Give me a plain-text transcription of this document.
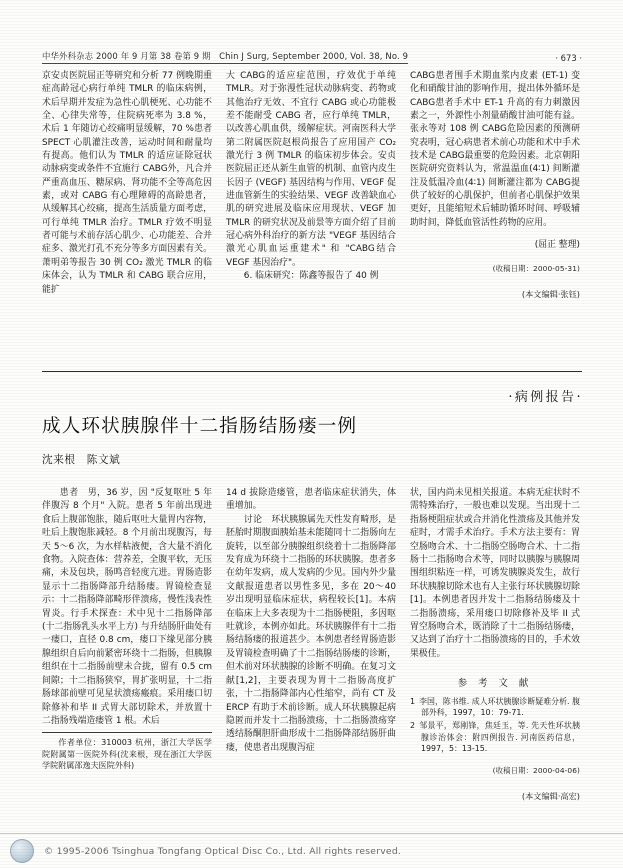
中华外科杂志 2000 年 9 月第 38 卷第 9 期　Chin J Surg, September 2000, Vol. 38, No. 9	· 673 ·

京安贞医院屈正等研究和分析 77 例晚期重症高龄冠心病行单纯 TMLR 的临床病例，术后早期并发症为急性心肌梗死、心功能不全、心律失常等，住院病死率为 3.8 %，术后 1 年随访心绞痛明显缓解，70 %患者 SPECT 心肌灌注改善，运动时间和耐量均有提高。他们认为 TMLR 的适应证除冠状动脉病变或条件不宜施行 CABG外，凡合并严重高血压、糖尿病、肾功能不全等高危因素，或对 CABG 有心理障碍的高龄患者，从缓解其心绞痛，提高生活质量方面考虑，可行单纯 TMLR 治疗。TMLR 疗效不明显者可能与术前存活心肌少、心功能差、合并症多、激光打孔不充分等多方面因素有关。萧明弟等报告 30 例 CO₂ 激光 TMLR 的临床体会，认为 TMLR 和 CABG 联合应用，能扩

大 CABG的适应症范围，疗效优于单纯 TMLR。对于弥漫性冠状动脉病变、药物或其他治疗无效、不宜行 CABG 或心功能极差不能耐受 CABG 者，应行单纯 TMLR，以改善心肌血供，缓解症状。河南医科大学第二附属医院赵根尚报告了应用国产 CO₂ 激光行 3 例 TMLR 的临床初步体会。安贞医院屈正还从新生血管的机制、血管内皮生长因子 (VEGF) 基因结构与作用、VEGF 促进血管新生的实验结果、VEGF 改善缺血心肌的研究进展及临床应用现状、VEGF 加 TMLR 的研究状况及前景等方面介绍了目前冠心病外科治疗的新方法 "VEGF 基因结合激光心肌血运重建术" 和 "CABG结合 VEGF 基因治疗"。

6. 临床研究：陈鑫等报告了 40 例

CABG患者围手术期血浆内皮素 (ET-1) 变化和硝酸甘油的影响作用，提出体外循环是 CABG患者手术中 ET-1 升高的有力刺激因素之一，外源性小剂量硝酸甘油可能有益。张永等对 108 例 CABG危险因素的预测研究表明，冠心病患者术前心功能和术中手术技术是 CABG最重要的危险因素。北京朝阳医院研究资料认为，常温温血(4∶1) 间断灌注及低温冷血(4∶1) 间断灌注都为 CABG提供了较好的心肌保护，但前者心肌保护效果更好，且能缩短术后辅助循环时间、呼吸辅助时间，降低血管活性药物的应用。

(屈正 整理)
(收稿日期：2000-05-31)
(本文编辑·张钰)
·病例报告·
成人环状胰腺伴十二指肠结肠瘘一例
沈来根　陈文斌

患者　 男，36 岁，因 "反复呕吐 5 年伴腹泻 8 个月" 入院。患者 5 年前出现进食后上腹部饱胀，随后呕吐大量胃内容物，吐后上腹饱胀减轻。8 个月前出现腹泻，每天 5～6 次，为水样粘液便，含大量不消化食物。入院查体：营养差，全腹平软，无压痛，未及包块，肠鸣音轻度亢进。胃肠造影显示十二指肠降部升结肠瘘。胃镜检查显示：十二指肠降部畸形伴溃疡，慢性浅表性胃炎。行手术探查：术中见十二指肠降部(十二指肠乳头水平上方) 与升结肠肝曲处有一瘘口，直径 0.8 cm，瘘口下缘见部分胰腺组织自后向前紧密环绕十二指肠，但胰腺组织在十二指肠前壁未合拢，留有 0.5 cm 间隙；十二指肠狭窄，胃扩张明显，十二指肠球部前壁可见星状溃疡瘢痕。采用瘘口切除修补和毕 II 式胃大部切除术，并放置十二指肠残端造瘘管 1 根。术后

作者单位：310003 杭州，浙江大学医学院附属第一医院外科(沈来根，现在浙江大学医学院附属邵逸夫医院外科)

14 d 拔除造瘘管，患者临床症状消失，体重增加。

讨论　 环状胰腺属先天性发育畸形，是胚胎时期腹面胰始基未能随同十二指肠向左旋转，以至部分胰腺组织绕着十二指肠降部发育成为环绕十二指肠的环状胰腺。患者多在幼年发病，成人发病的少见。国内外少量文献报道患者以男性多见，多在 20～40 岁出现明显临床症状，病程较长[1]。本病在临床上大多表现为十二指肠梗阻，多因呕吐就诊，本例亦如此。环状胰腺伴有十二指肠结肠瘘的报道甚少。本例患者经胃肠造影及胃镜检查明确了十二指肠结肠瘘的诊断，但术前对环状胰腺的诊断不明确。在复习文献[1,2]，主要表现为胃十二指肠高度扩张，十二指肠降部内心性缩窄，尚有 CT 及 ERCP 有助于术前诊断。成人环状胰腺起病隐匿而并发十二指肠溃疡，十二指肠溃疡穿透结肠酮胆肝曲形成十二指肠降部结肠肝曲瘘，使患者出现腹泻症

状，国内尚未见相关报道。本病无症状时不需特殊治疗，一般也难以发现。当出现十二指肠梗阻症状或合并消化性溃疡及其他并发症时，才需手术治疗。手术方法主要有：胃空肠吻合术、十二指肠空肠吻合术、十二指肠十二指肠吻合术等，同时以胰腺与胰腺周围组织粘连一样，可诱发胰腺炎发生，故行环状胰腺切除术也有人主张行环状胰腺切除[1]。本例患者因并发十二指肠结肠瘘及十二指肠溃疡，采用瘘口切除修补及毕 II 式胃空肠吻合术，既消除了十二指肠结肠瘘，又达到了治疗十二指肠溃疡的目的，手术效果极佳。

参 考 文 献
1 李国，陈书维. 成人环状胰腺诊断疑难分析. 腹部外科，1997，10：79-71.
2 邹景平，郑刚锋，焦廷玉，等. 先天性环状胰腺诊治体会：附四例报告. 河南医药信息，1997，5：13-15.
(收稿日期：2000-04-06)
(本文编辑·高宏)
© 1995-2006 Tsinghua Tongfang Optical Disc Co., Ltd. All rights reserved.
